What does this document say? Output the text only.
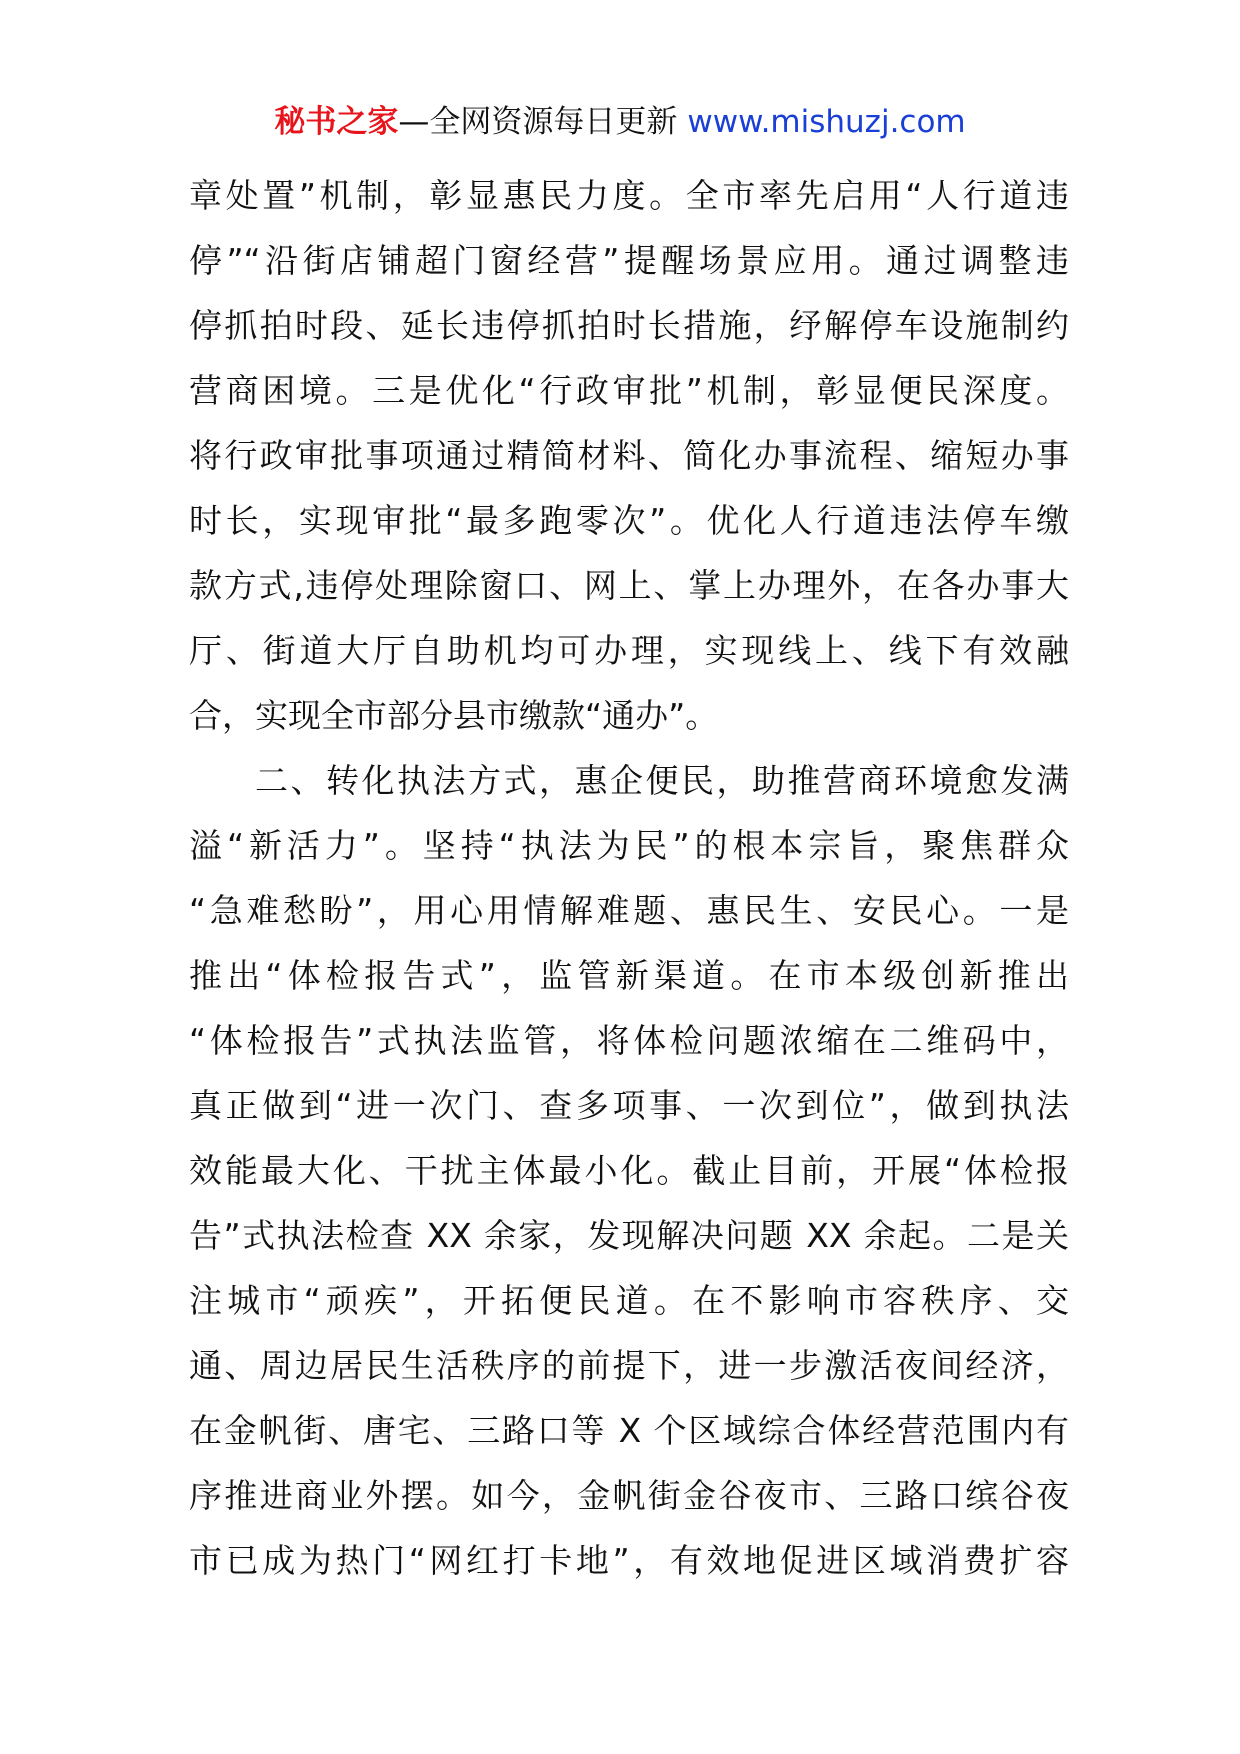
秘书之家—全网资源每日更新 www.mishuzj.com
章处置”机制，彰显惠民力度。全市率先启用“人行道违
停”“沿街店铺超门窗经营”提醒场景应用。通过调整违
停抓拍时段、延长违停抓拍时长措施，纾解停车设施制约
营商困境。三是优化“行政审批”机制，彰显便民深度。
将行政审批事项通过精简材料、简化办事流程、缩短办事
时长，实现审批“最多跑零次”。优化人行道违法停车缴
款方式,违停处理除窗口、网上、掌上办理外，在各办事大
厅、街道大厅自助机均可办理，实现线上、线下有效融
合，实现全市部分县市缴款“通办”。
二、转化执法方式，惠企便民，助推营商环境愈发满
溢“新活力”。坚持“执法为民”的根本宗旨，聚焦群众
“急难愁盼”，用心用情解难题、惠民生、安民心。一是
推出“体检报告式”，监管新渠道。在市本级创新推出
“体检报告”式执法监管，将体检问题浓缩在二维码中，
真正做到“进一次门、查多项事、一次到位”，做到执法
效能最大化、干扰主体最小化。截止目前，开展“体检报
告”式执法检查 XX 余家，发现解决问题 XX 余起。二是关
注城市“顽疾”，开拓便民道。在不影响市容秩序、交
通、周边居民生活秩序的前提下，进一步激活夜间经济，
在金帆街、唐宅、三路口等 X 个区域综合体经营范围内有
序推进商业外摆。如今，金帆街金谷夜市、三路口缤谷夜
市已成为热门“网红打卡地”，有效地促进区域消费扩容
